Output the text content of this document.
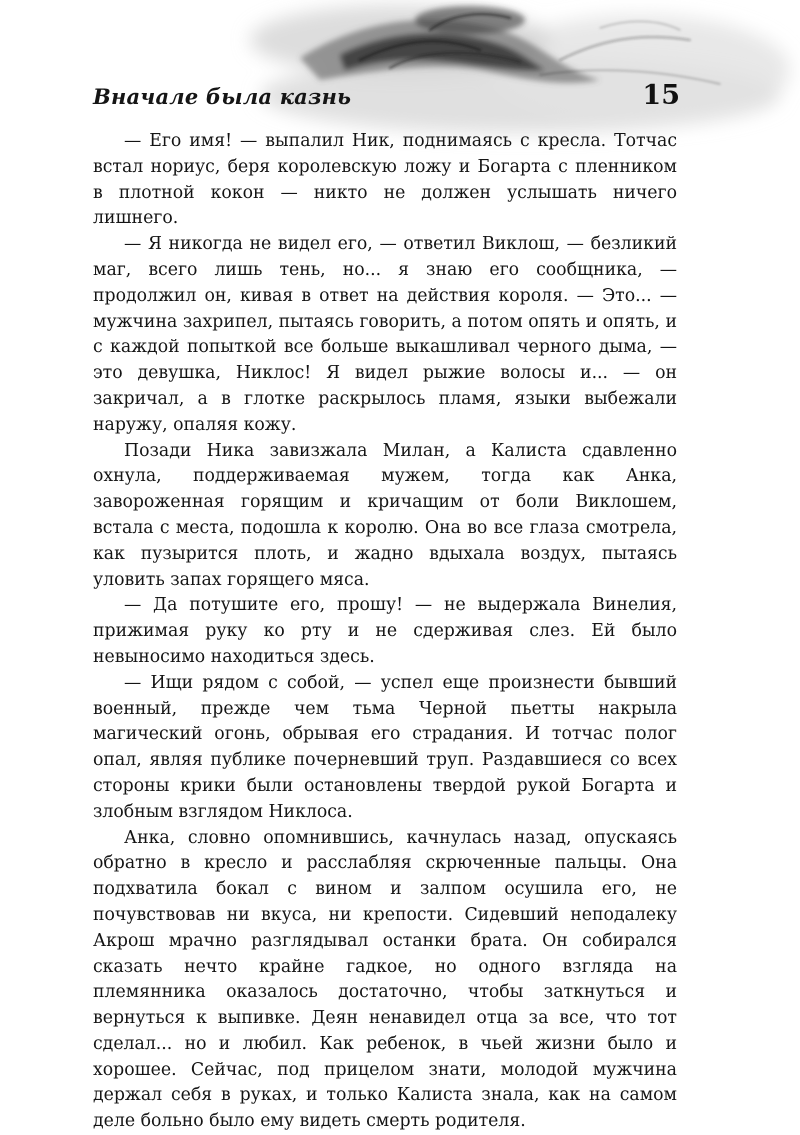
Вначале была казнь	15

— Его имя! — выпалил Ник, поднимаясь с кресла. Тотчас встал нориус, беря королевскую ложу и Богарта с пленником в плотной кокон — никто не должен услышать ничего лишнего.

— Я никогда не видел его, — ответил Виклош, — безликий маг, всего лишь тень, но... я знаю его сообщника, — продолжил он, кивая в ответ на действия короля. — Это... — мужчина захрипел, пытаясь говорить, а потом опять и опять, и с каждой попыткой все больше выкашливал черного дыма, — это девушка, Никлос! Я видел рыжие волосы и... — он закричал, а в глотке раскрылось пламя, языки выбежали наружу, опаляя кожу.

Позади Ника завизжала Милан, а Калиста сдавленно охнула, поддерживаемая мужем, тогда как Анка, завороженная горящим и кричащим от боли Виклошем, встала с места, подошла к королю. Она во все глаза смотрела, как пузырится плоть, и жадно вдыхала воздух, пытаясь уловить запах горящего мяса.

— Да потушите его, прошу! — не выдержала Винелия, прижимая руку ко рту и не сдерживая слез. Ей было невыносимо находиться здесь.

— Ищи рядом с собой, — успел еще произнести бывший военный, прежде чем тьма Черной пьетты накрыла магический огонь, обрывая его страдания. И тотчас полог опал, являя публике почерневший труп. Раздавшиеся со всех стороны крики были остановлены твердой рукой Богарта и злобным взглядом Никлоса.

Анка, словно опомнившись, качнулась назад, опускаясь обратно в кресло и расслабляя скрюченные пальцы. Она подхватила бокал с вином и залпом осушила его, не почувствовав ни вкуса, ни крепости. Сидевший неподалеку Акрош мрачно разглядывал останки брата. Он собирался сказать нечто крайне гадкое, но одного взгляда на племянника оказалось достаточно, чтобы заткнуться и вернуться к выпивке. Деян ненавидел отца за все, что тот сделал... но и любил. Как ребенок, в чьей жизни было и хорошее. Сейчас, под прицелом знати, молодой мужчина держал себя в руках, и только Калиста знала, как на самом деле больно было ему видеть смерть родителя.
